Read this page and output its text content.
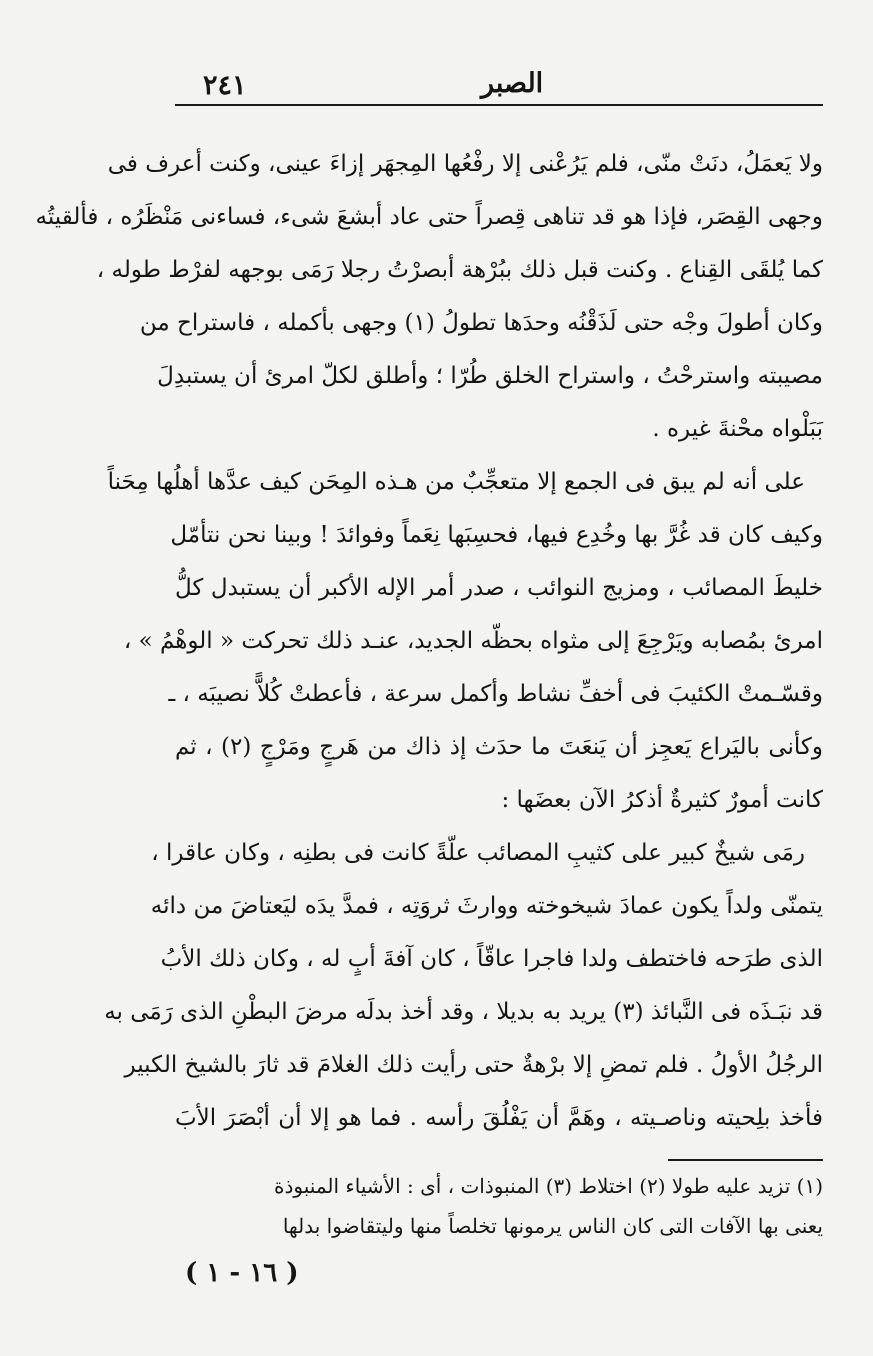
٢٤١	الصبر
ولا يَعمَلُ، دنَتْ منّى، فلم يَرُعْنى إلا رفْعُها المِجهَر إزاءَ عينى، وكنت أعرف فى
وجهى القِصَر، فإذا هو قد تناهى قِصراً حتى عاد أبشعَ شىء، فساءنى مَنْظَرُه ، فألقيتُه
كما يُلقَى القِناع . وكنت قبل ذلك ببُرْهة أبصرْتُ رجلا رَمَى بوجهه لفرْط طوله ،
وكان أطولَ وجْه حتى لَذَقْنُه وحدَها تطولُ (١) وجهى بأكمله ، فاستراح من
مصيبته واسترحْتُ ، واستراح الخلق طُرّا ؛ وأطلق لكلّ امرئ أن يستبدِلَ
بَبَلْواه محْنةَ غيره .
على أنه لم يبق فى الجمع إلا متعجِّبٌ من هـذه المِحَن كيف عدَّها أهلُها مِحَناً
وكيف كان قد غُرَّ بها وخُدِع فيها، فحسِبَها نِعَماً وفوائدَ ! وبينا نحن نتأمّل
خليطَ المصائب ، ومزيج النوائب ، صدر أمر الإله الأكبر أن يستبدل كلُّ
امرئ بمُصابه ويَرْجِعَ إلى مثواه بحظّه الجديد، عنـد ذلك تحركت « الوهْمُ » ،
وقسّـمتْ الكئيبَ فى أخفِّ نشاط وأكمل سرعة ، فأعطتْ كُلاًّ نصيبَه ، ـ
وكأنى باليَراع يَعجِز أن يَنعَتَ ما حدَث إذ ذاك من هَرجٍ ومَرْجٍ (٢) ، ثم
كانت أمورٌ كثيرةٌ أذكرُ الآن بعضَها :
رمَى شيخٌ كبير على كثيبِ المصائب علّةً كانت فى بطنِه ، وكان عاقرا ،
يتمنّى ولداً يكون عمادَ شيخوخته ووارثَ ثروَتِه ، فمدَّ يدَه ليَعتاضَ من دائه
الذى طرَحه فاختطف ولدا فاجرا عاقّاً ، كان آفةَ أبٍ له ، وكان ذلك الأبُ
قد نبَـذَه فى النَّبائذ (٣) يريد به بديلا ، وقد أخذ بدلَه مرضَ البطْنِ الذى رَمَى به
الرجُلُ الأولُ . فلم تمضِ إلا برْهةٌ حتى رأيت ذلك الغلامَ قد ثارَ بالشيخ الكبير
فأخذ بلِحيته وناصـيته ، وهَمَّ أن يَفْلُقَ رأسه . فما هو إلا أن أبْصَرَ الأبَ
(١) تزيد عليه طولا (٢) اختلاط (٣) المنبوذات ، أى : الأشياء المنبوذة
يعنى بها الآفات التى كان الناس يرمونها تخلصاً منها وليتقاضوا بدلها
( ١٦ - ١ )
